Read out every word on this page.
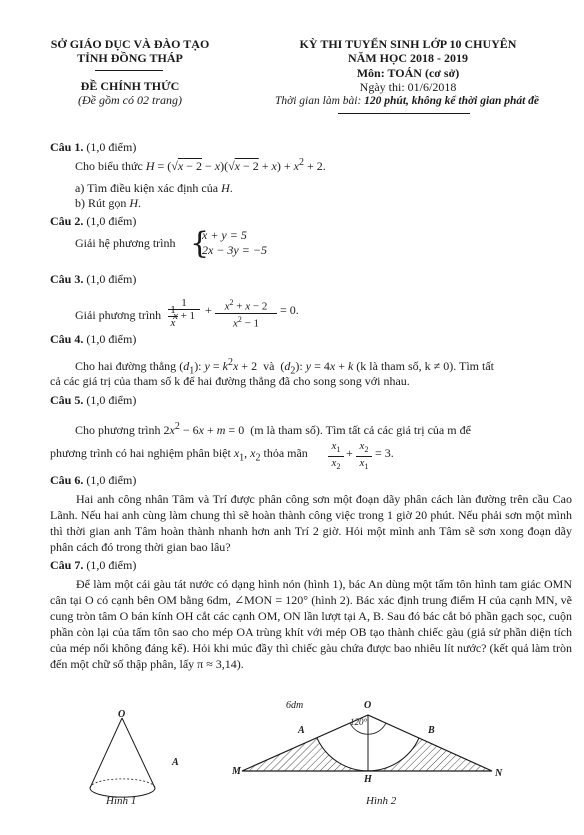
SỞ GIÁO DỤC VÀ ĐÀO TẠO
TỈNH ĐỒNG THÁP
ĐỀ CHÍNH THỨC
(Đề gồm có 02 trang)
KỲ THI TUYỂN SINH LỚP 10 CHUYÊN
NĂM HỌC 2018 - 2019
Môn: TOÁN (cơ sở)
Ngày thi: 01/6/2018
Thời gian làm bài: 120 phút, không kể thời gian phát đề
Câu 1. (1,0 điểm)
Cho biểu thức $H = (√x - 2 - x)(√x - 2 + x) + x^2 + 2$.
a) Tìm điều kiện xác định của H.
b) Rút gọn H.
Câu 2. (1,0 điểm)
Giải hệ phương trình {
x + y = 5
2x − 3y = −5
Câu 3. (1,0 điểm)
Giải phương trình $\frac{1}{x}$
1
x + 1 +	$x^2 + x - 2$
$x^2 - 1$
= 0.
Câu 4. (1,0 điểm)
Cho hai đường thẳng $(d_1)$: $y = k^2x + 2$  và  $(d_2)$: y = 4x + k (k là tham số, k ≠ 0). Tìm tất
cả các giá trị của tham số k để hai đường thẳng đã cho song song với nhau.
Câu 5. (1,0 điểm)
Cho phương trình $2x^2 - 6x + m = 0$  (m là tham số). Tìm tất cả các giá trị của m để
phương trình có hai nghiệm phân biệt $x_1$, $x_2$ thỏa mãn	$x_1$
$x_2$
+ $x_2$
$x_1$
= 3.
Câu 6. (1,0 điểm)
Hai anh công nhân Tâm và Trí được phân công sơn một đoạn dãy phân cách làn đường trên cầu Cao Lãnh. Nếu hai anh cùng làm chung thì sẽ hoàn thành công việc trong 1 giờ 20 phút. Nếu phải sơn một mình thì thời gian anh Tâm hoàn thành nhanh hơn anh Trí 2 giờ. Hỏi một mình anh Tâm sẽ sơn xong đoạn dãy phân cách đó trong thời gian bao lâu?
Câu 7. (1,0 điểm)
Để làm một cái gàu tát nước có dạng hình nón (hình 1), bác An dùng một tấm tôn hình tam giác OMN cân tại O có cạnh bên OM bằng 6dm, ∠MON = 120° (hình 2). Bác xác định trung điểm H của cạnh MN, vẽ cung tròn tâm O bán kính OH cắt các cạnh OM, ON lần lượt tại A, B. Sau đó bác cắt bỏ phần gạch sọc, cuộn phần còn lại của tấm tôn sao cho mép OA trùng khít với mép OB tạo thành chiếc gàu (giả sử phần diện tích của mép nối không đáng kể). Hỏi khi múc đầy thì chiếc gàu chứa được bao nhiêu lít nước? (kết quả làm tròn đến một chữ số thập phân, lấy π ≈ 3,14).
O
A
Hình 1
O
6dm
120°
A	B
M	N
H
Hình 2
